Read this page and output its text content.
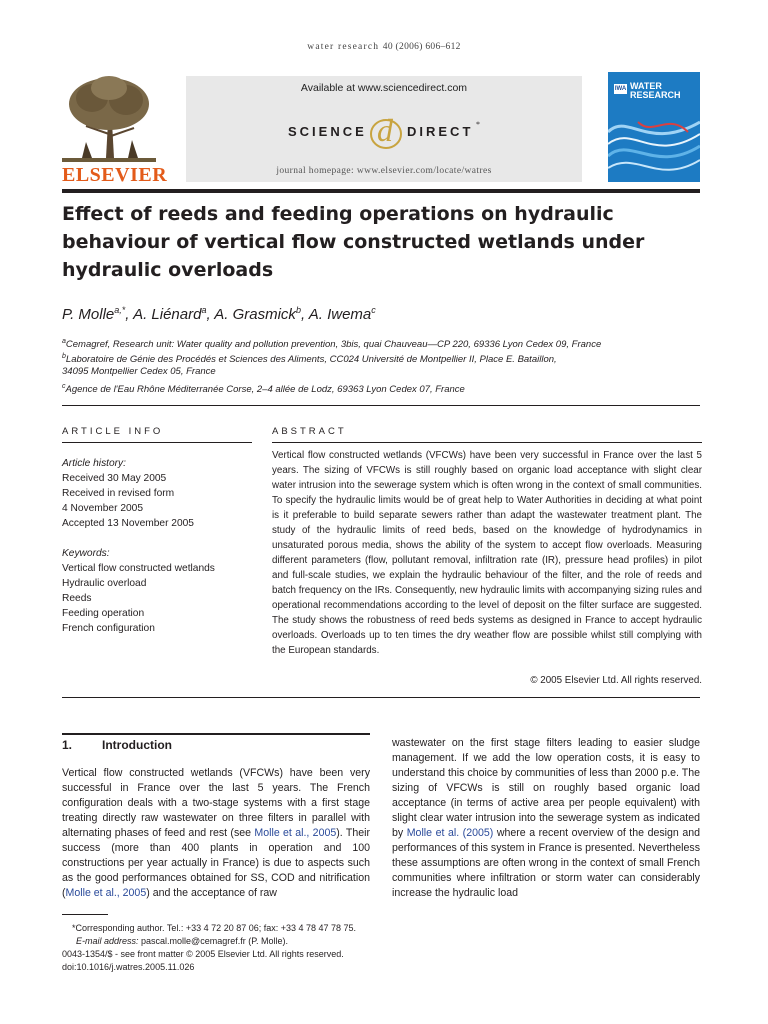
water research 40 (2006) 606–612
ELSEVIER
Available at www.sciencedirect.com
SCIENCE d DIRECT *
journal homepage: www.elsevier.com/locate/watres
IWA WATER
RESEARCH
Effect of reeds and feeding operations on hydraulic behaviour of vertical flow constructed wetlands under hydraulic overloads
P. Molle$^{a,*}$, A. Liénard$^a$, A. Grasmick$^b$, A. Iwema$^c$
$^a$Cemagref, Research unit: Water quality and pollution prevention, 3bis, quai Chauveau—CP 220, 69336 Lyon Cedex 09, France
$^b$Laboratoire de Génie des Procédés et Sciences des Aliments, CC024 Université de Montpellier II, Place E. Bataillon,
34095 Montpellier Cedex 05, France
$^c$Agence de l'Eau Rhône Méditerranée Corse, 2–4 allée de Lodz, 69363 Lyon Cedex 07, France
ARTICLE INFO
Article history:
Received 30 May 2005
Received in revised form
4 November 2005
Accepted 13 November 2005
Keywords:
Vertical flow constructed wetlands
Hydraulic overload
Reeds
Feeding operation
French configuration
ABSTRACT
Vertical flow constructed wetlands (VFCWs) have been very successful in France over the last 5 years. The sizing of VFCWs is still roughly based on organic load acceptance with slight clear water intrusion into the sewerage system which is often wrong in the context of small communities. To specify the hydraulic limits would be of great help to Water Authorities in deciding at what point is it preferable to build separate sewers rather than adapt the wastewater treatment plant. The study of the hydraulic limits of reed beds, based on the knowledge of hydrodynamics in unsaturated porous media, shows the ability of the system to accept flow overloads. Measuring different parameters (flow, pollutant removal, infiltration rate (IR), pressure head profiles) in pilot and full-scale studies, we explain the hydraulic behaviour of the filter, and the role of reeds and batch frequency on the IRs. Consequently, new hydraulic limits with accompanying sizing rules and operational recommendations according to the level of deposit on the filter surface are suggested. The study shows the robustness of reed beds systems as designed in France to accept hydraulic overloads. Overloads up to ten times the dry weather flow are possible whilst still complying with the European standards.
© 2005 Elsevier Ltd. All rights reserved.
1. Introduction
Vertical flow constructed wetlands (VFCWs) have been very successful in France over the last 5 years. The French configuration deals with a two-stage systems with a first stage treating directly raw wastewater on three filters in parallel with alternating phases of feed and rest (see Molle et al., 2005). Their success (more than 400 plants in operation and 100 constructions per year actually in France) is due to aspects such as the good performances obtained for SS, COD and nitrification (Molle et al., 2005) and the acceptance of raw
wastewater on the first stage filters leading to easier sludge management. If we add the low operation costs, it is easy to understand this choice by communities of less than 2000 p.e. The sizing of VFCWs is still on roughly based organic load acceptance (in terms of active area per people equivalent) with slight clear water intrusion into the sewerage system as indicated by Molle et al. (2005) where a recent overview of the design and performances of this system in France is presented. Nevertheless these assumptions are often wrong in the context of small French communities where infiltration or storm water can considerably increase the hydraulic load
*Corresponding author. Tel.: +33 4 72 20 87 06; fax: +33 4 78 47 78 75.
E-mail address: pascal.molle@cemagref.fr (P. Molle).
0043-1354/$ - see front matter © 2005 Elsevier Ltd. All rights reserved.
doi:10.1016/j.watres.2005.11.026
